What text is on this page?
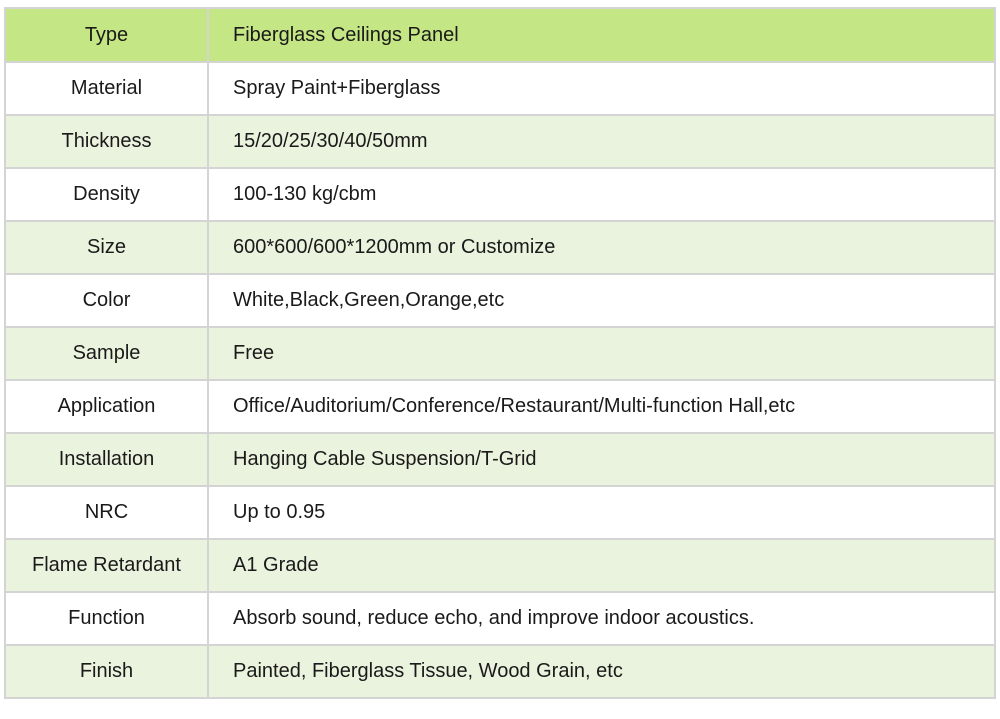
Type	Fiberglass Ceilings Panel
Material	Spray Paint+Fiberglass
Thickness	15/20/25/30/40/50mm
Density	100-130 kg/cbm
Size	600*600/600*1200mm or Customize
Color	White,Black,Green,Orange,etc
Sample	Free
Application	Office/Auditorium/Conference/Restaurant/Multi-function Hall,etc
Installation	Hanging Cable Suspension/T-Grid
NRC	Up to 0.95
Flame Retardant	A1 Grade
Function	Absorb sound, reduce echo, and improve indoor acoustics.
Finish	Painted, Fiberglass Tissue, Wood Grain, etc
